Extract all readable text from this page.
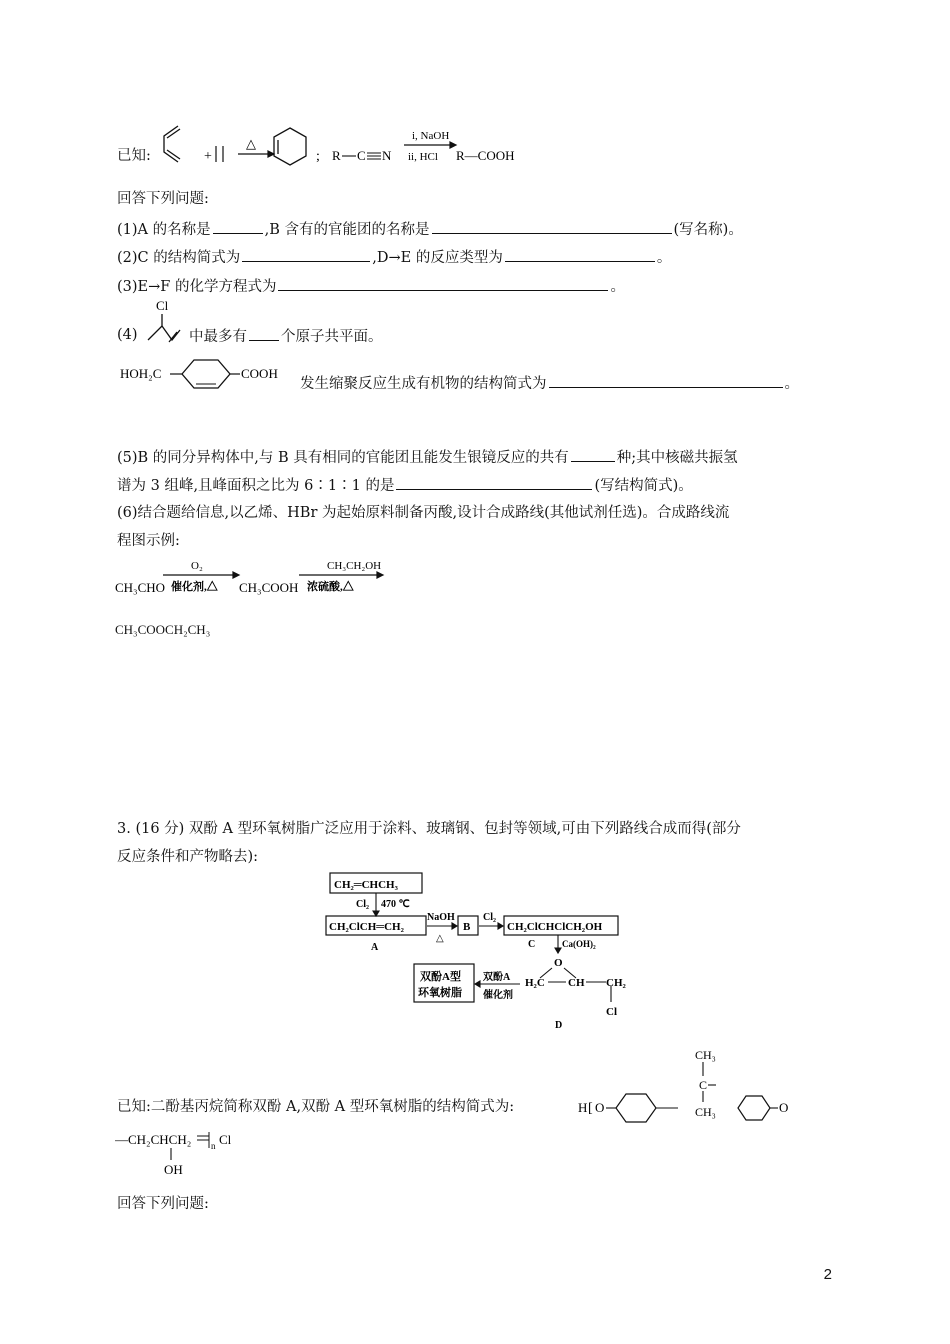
已知:	+
△
; R C N
i, NaOH
ii, HCl R—COOH
回答下列问题:
(1)A 的名称是	,B 含有的官能团的名称是	(写名称)。
(2)C 的结构简式为	,D→E 的反应类型为	。
(3)E→F 的化学方程式为	。
(4)
Cl
中最多有 个原子共平面。
HOH₂C	COOH
发生缩聚反应生成有机物的结构简式为	。
(5)B 的同分异构体中,与 B 具有相同的官能团且能发生银镜反应的共有	种;其中核磁共振氢
谱为 3 组峰,且峰面积之比为 6∶1∶1 的是	(写结构简式)。
(6)结合题给信息,以乙烯、HBr 为起始原料制备丙酸,设计合成路线(其他试剂任选)。合成路线流
程图示例:
CH₃CHO
O₂
催化剂,△ CH₃COOH
CH₃CH₂OH
浓硫酸,△
CH₃COOCH₂CH₃
3. (16 分) 双酚 A 型环氧树脂广泛应用于涂料、玻璃钢、包封等领域,可由下列路线合成而得(部分
反应条件和产物略去):
CH₂═CHCH₃
Cl₂ 470 ℃
CH₂ClCH═CH₂
A
NaOH
△
B
Cl₂
CH₂ClCHClCH₂OH
C	Ca(OH)₂
O
H₂C CH CH₂
Cl
D
双酚A
催化剂
双酚A型
环氧树脂
已知:二酚基丙烷简称双酚 A,双酚 A 型环氧树脂的结构简式为:	H [ O
CH₃
C
CH₃	O
—CH₂CHCH₂ n Cl
OH
回答下列问题:
2
